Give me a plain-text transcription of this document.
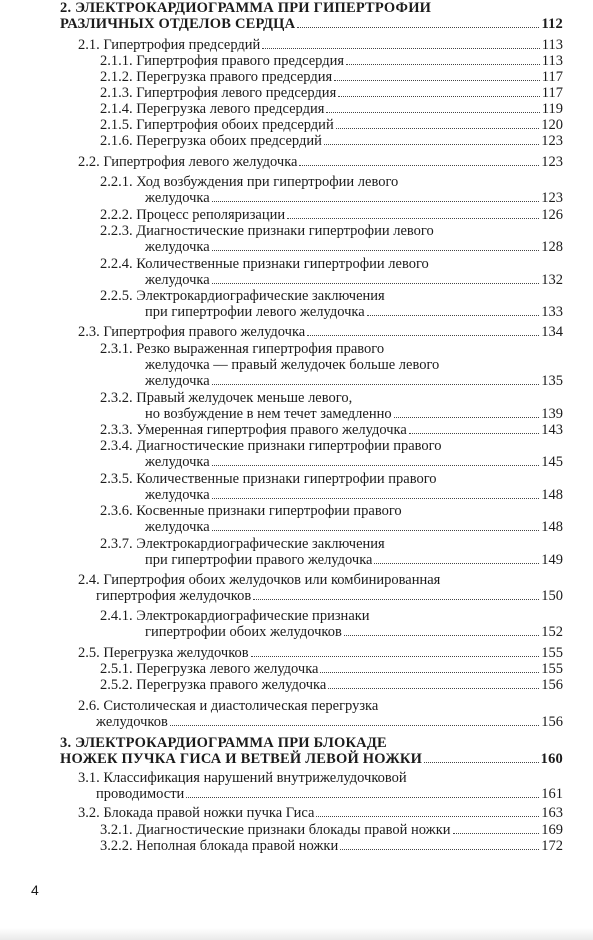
2. ЭЛЕКТРОКАРДИОГРАММА ПРИ ГИПЕРТРОФИИ
РАЗЛИЧНЫХ ОТДЕЛОВ СЕРДЦА	112
2.1. Гипертрофия предсердий	113
2.1.1. Гипертрофия правого предсердия	113
2.1.2. Перегрузка правого предсердия	117
2.1.3. Гипертрофия левого предсердия	117
2.1.4. Перегрузка левого предсердия	119
2.1.5. Гипертрофия обоих предсердий	120
2.1.6. Перегрузка обоих предсердий	123
2.2. Гипертрофия левого желудочка	123
2.2.1. Ход возбуждения при гипертрофии левого
желудочка	123
2.2.2. Процесс реполяризации	126
2.2.3. Диагностические признаки гипертрофии левого
желудочка	128
2.2.4. Количественные признаки гипертрофии левого
желудочка	132
2.2.5. Электрокардиографические заключения
при гипертрофии левого желудочка	133
2.3. Гипертрофия правого желудочка	134
2.3.1. Резко выраженная гипертрофия правого
желудочка — правый желудочек больше левого
желудочка	135
2.3.2. Правый желудочек меньше левого,
но возбуждение в нем течет замедленно	139
2.3.3. Умеренная гипертрофия правого желудочка	143
2.3.4. Диагностические признаки гипертрофии правого
желудочка	145
2.3.5. Количественные признаки гипертрофии правого
желудочка	148
2.3.6. Косвенные признаки гипертрофии правого
желудочка	148
2.3.7. Электрокардиографические заключения
при гипертрофии правого желудочка	149
2.4. Гипертрофия обоих желудочков или комбинированная
гипертрофия желудочков	150
2.4.1. Электрокардиографические признаки
гипертрофии обоих желудочков	152
2.5. Перегрузка желудочков	155
2.5.1. Перегрузка левого желудочка	155
2.5.2. Перегрузка правого желудочка	156
2.6. Систолическая и диастолическая перегрузка
желудочков	156
3. ЭЛЕКТРОКАРДИОГРАММА ПРИ БЛОКАДЕ
НОЖЕК ПУЧКА ГИСА И ВЕТВЕЙ ЛЕВОЙ НОЖКИ	160
3.1. Классификация нарушений внутрижелудочковой
проводимости	161
3.2. Блокада правой ножки пучка Гиса	163
3.2.1. Диагностические признаки блокады правой ножки	169
3.2.2. Неполная блокада правой ножки	172
4
